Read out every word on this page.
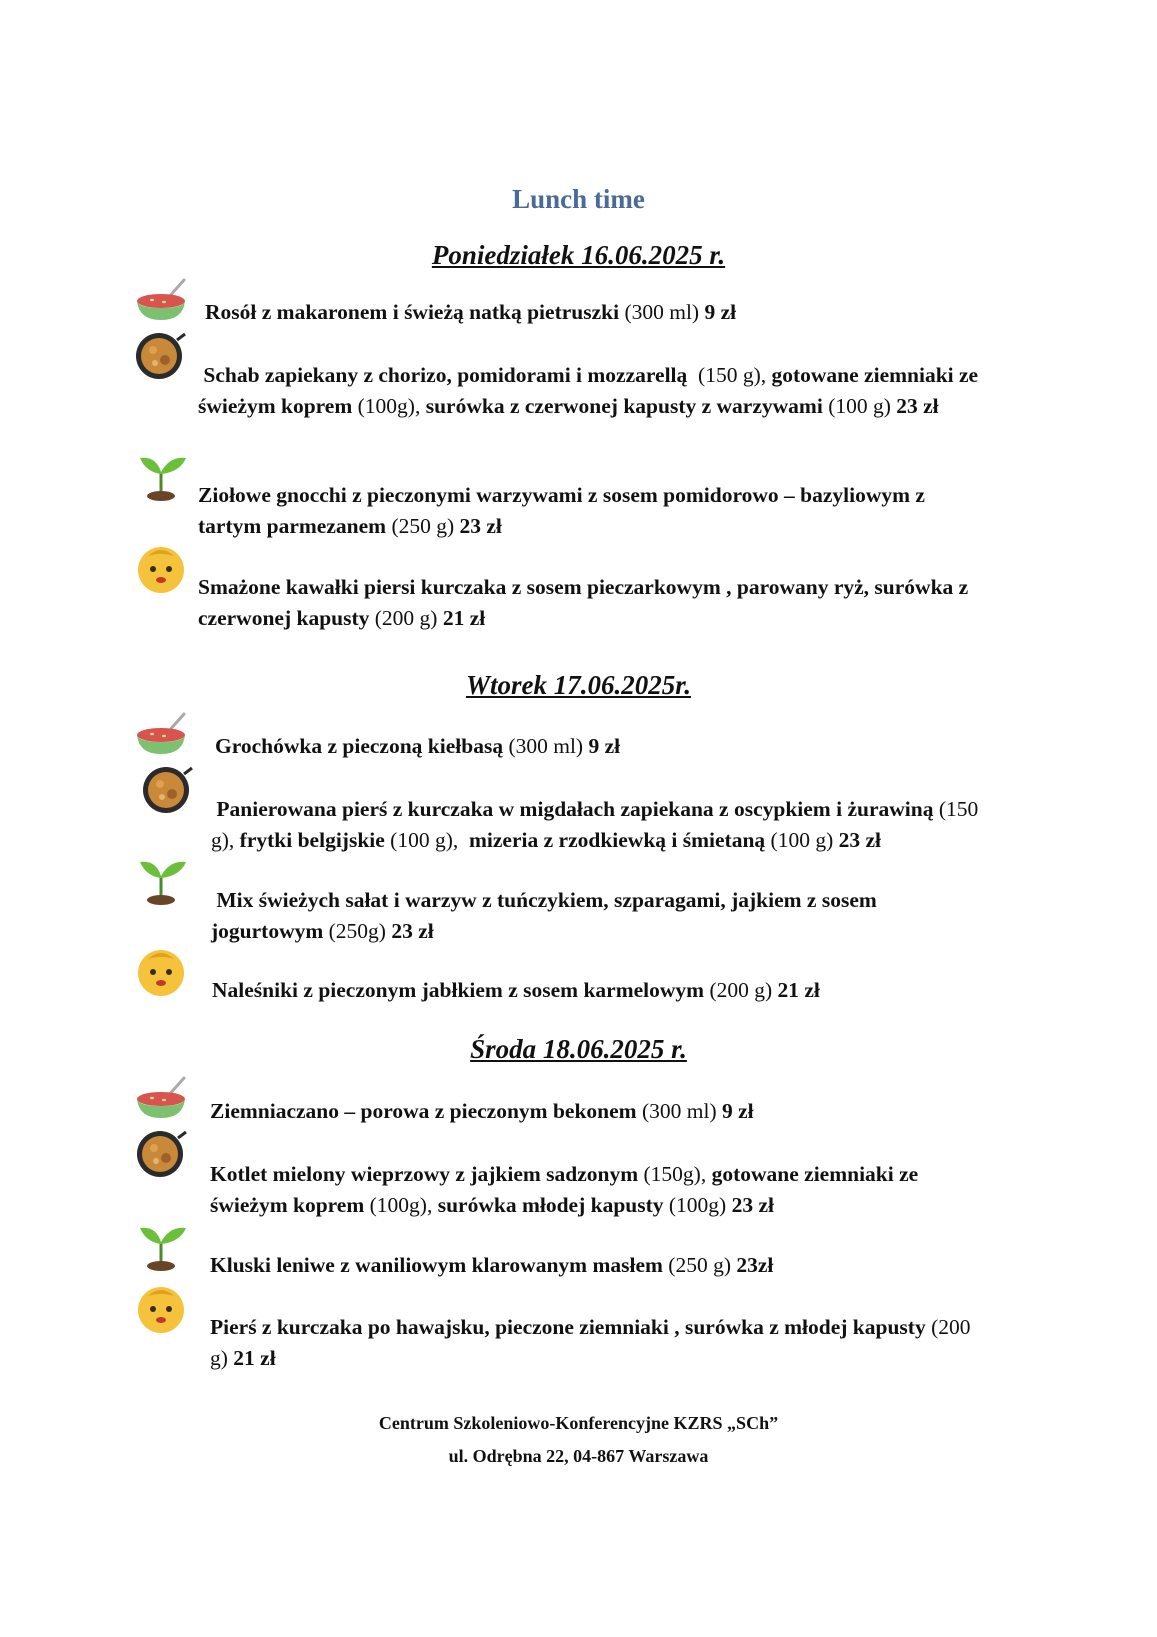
Lunch time
Poniedziałek 16.06.2025 r.
Rosół z makaronem i świeżą natką pietruszki (300 ml) 9 zł
Schab zapiekany z chorizo, pomidorami i mozzarellą (150 g), gotowane ziemniaki ze świeżym koprem (100g), surówka z czerwonej kapusty z warzywami (100 g) 23 zł
Ziołowe gnocchi z pieczonymi warzywami z sosem pomidorowo – bazyliowym z tartym parmezanem (250 g) 23 zł
Smażone kawałki piersi kurczaka z sosem pieczarkowym , parowany ryż, surówka z czerwonej kapusty (200 g) 21 zł
Wtorek 17.06.2025r.
Grochówka z pieczoną kiełbasą (300 ml) 9 zł
Panierowana pierś z kurczaka w migdałach zapiekana z oscypkiem i żurawiną (150 g), frytki belgijskie (100 g), mizeria z rzodkiewką i śmietaną (100 g) 23 zł
Mix świeżych sałat i warzyw z tuńczykiem, szparagami, jajkiem z sosem jogurtowym (250g) 23 zł
Naleśniki z pieczonym jabłkiem z sosem karmelowym (200 g) 21 zł
Środa 18.06.2025 r.
Ziemniaczano – porowa z pieczonym bekonem (300 ml) 9 zł
Kotlet mielony wieprzowy z jajkiem sadzonym (150g), gotowane ziemniaki ze świeżym koprem (100g), surówka młodej kapusty (100g) 23 zł
Kluski leniwe z waniliowym klarowanym masłem (250 g) 23zł
Pierś z kurczaka po hawajsku, pieczone ziemniaki , surówka z młodej kapusty (200 g) 21 zł
Centrum Szkoleniowo-Konferencyjne KZRS „SCh”
ul. Odrębna 22, 04-867 Warszawa
